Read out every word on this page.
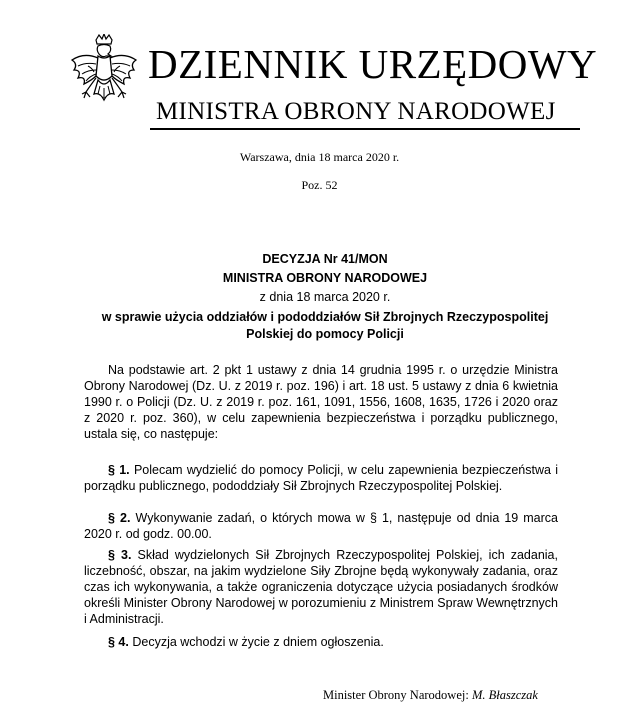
DZIENNIK URZĘDOWY
MINISTRA OBRONY NARODOWEJ
Warszawa, dnia 18 marca 2020 r.
Poz. 52
DECYZJA Nr 41/MON
MINISTRA OBRONY NARODOWEJ
z dnia 18 marca 2020 r.
w sprawie użycia oddziałów i pododdziałów Sił Zbrojnych Rzeczypospolitej
Polskiej do pomocy Policji

Na podstawie art. 2 pkt 1 ustawy z dnia 14 grudnia 1995 r. o urzędzie Ministra Obrony Narodowej (Dz. U. z 2019 r. poz. 196) i art. 18 ust. 5 ustawy z dnia 6 kwietnia 1990 r. o Policji (Dz. U. z 2019 r. poz. 161, 1091, 1556, 1608, 1635, 1726 i 2020 oraz z 2020 r. poz. 360), w celu zapewnienia bezpieczeństwa i porządku publicznego, ustala się, co następuje:

§ 1. Polecam wydzielić do pomocy Policji, w celu zapewnienia bezpieczeństwa i porządku publicznego, pododdziały Sił Zbrojnych Rzeczypospolitej Polskiej.

§ 2. Wykonywanie zadań, o których mowa w § 1, następuje od dnia 19 marca 2020 r. od godz. 00.00.

§ 3. Skład wydzielonych Sił Zbrojnych Rzeczypospolitej Polskiej, ich zadania, liczebność, obszar, na jakim wydzielone Siły Zbrojne będą wykonywały zadania, oraz czas ich wykonywania, a także ograniczenia dotyczące użycia posiadanych środków określi Minister Obrony Narodowej w porozumieniu z Ministrem Spraw Wewnętrznych i Administracji.

§ 4. Decyzja wchodzi w życie z dniem ogłoszenia.

Minister Obrony Narodowej: M. Błaszczak
